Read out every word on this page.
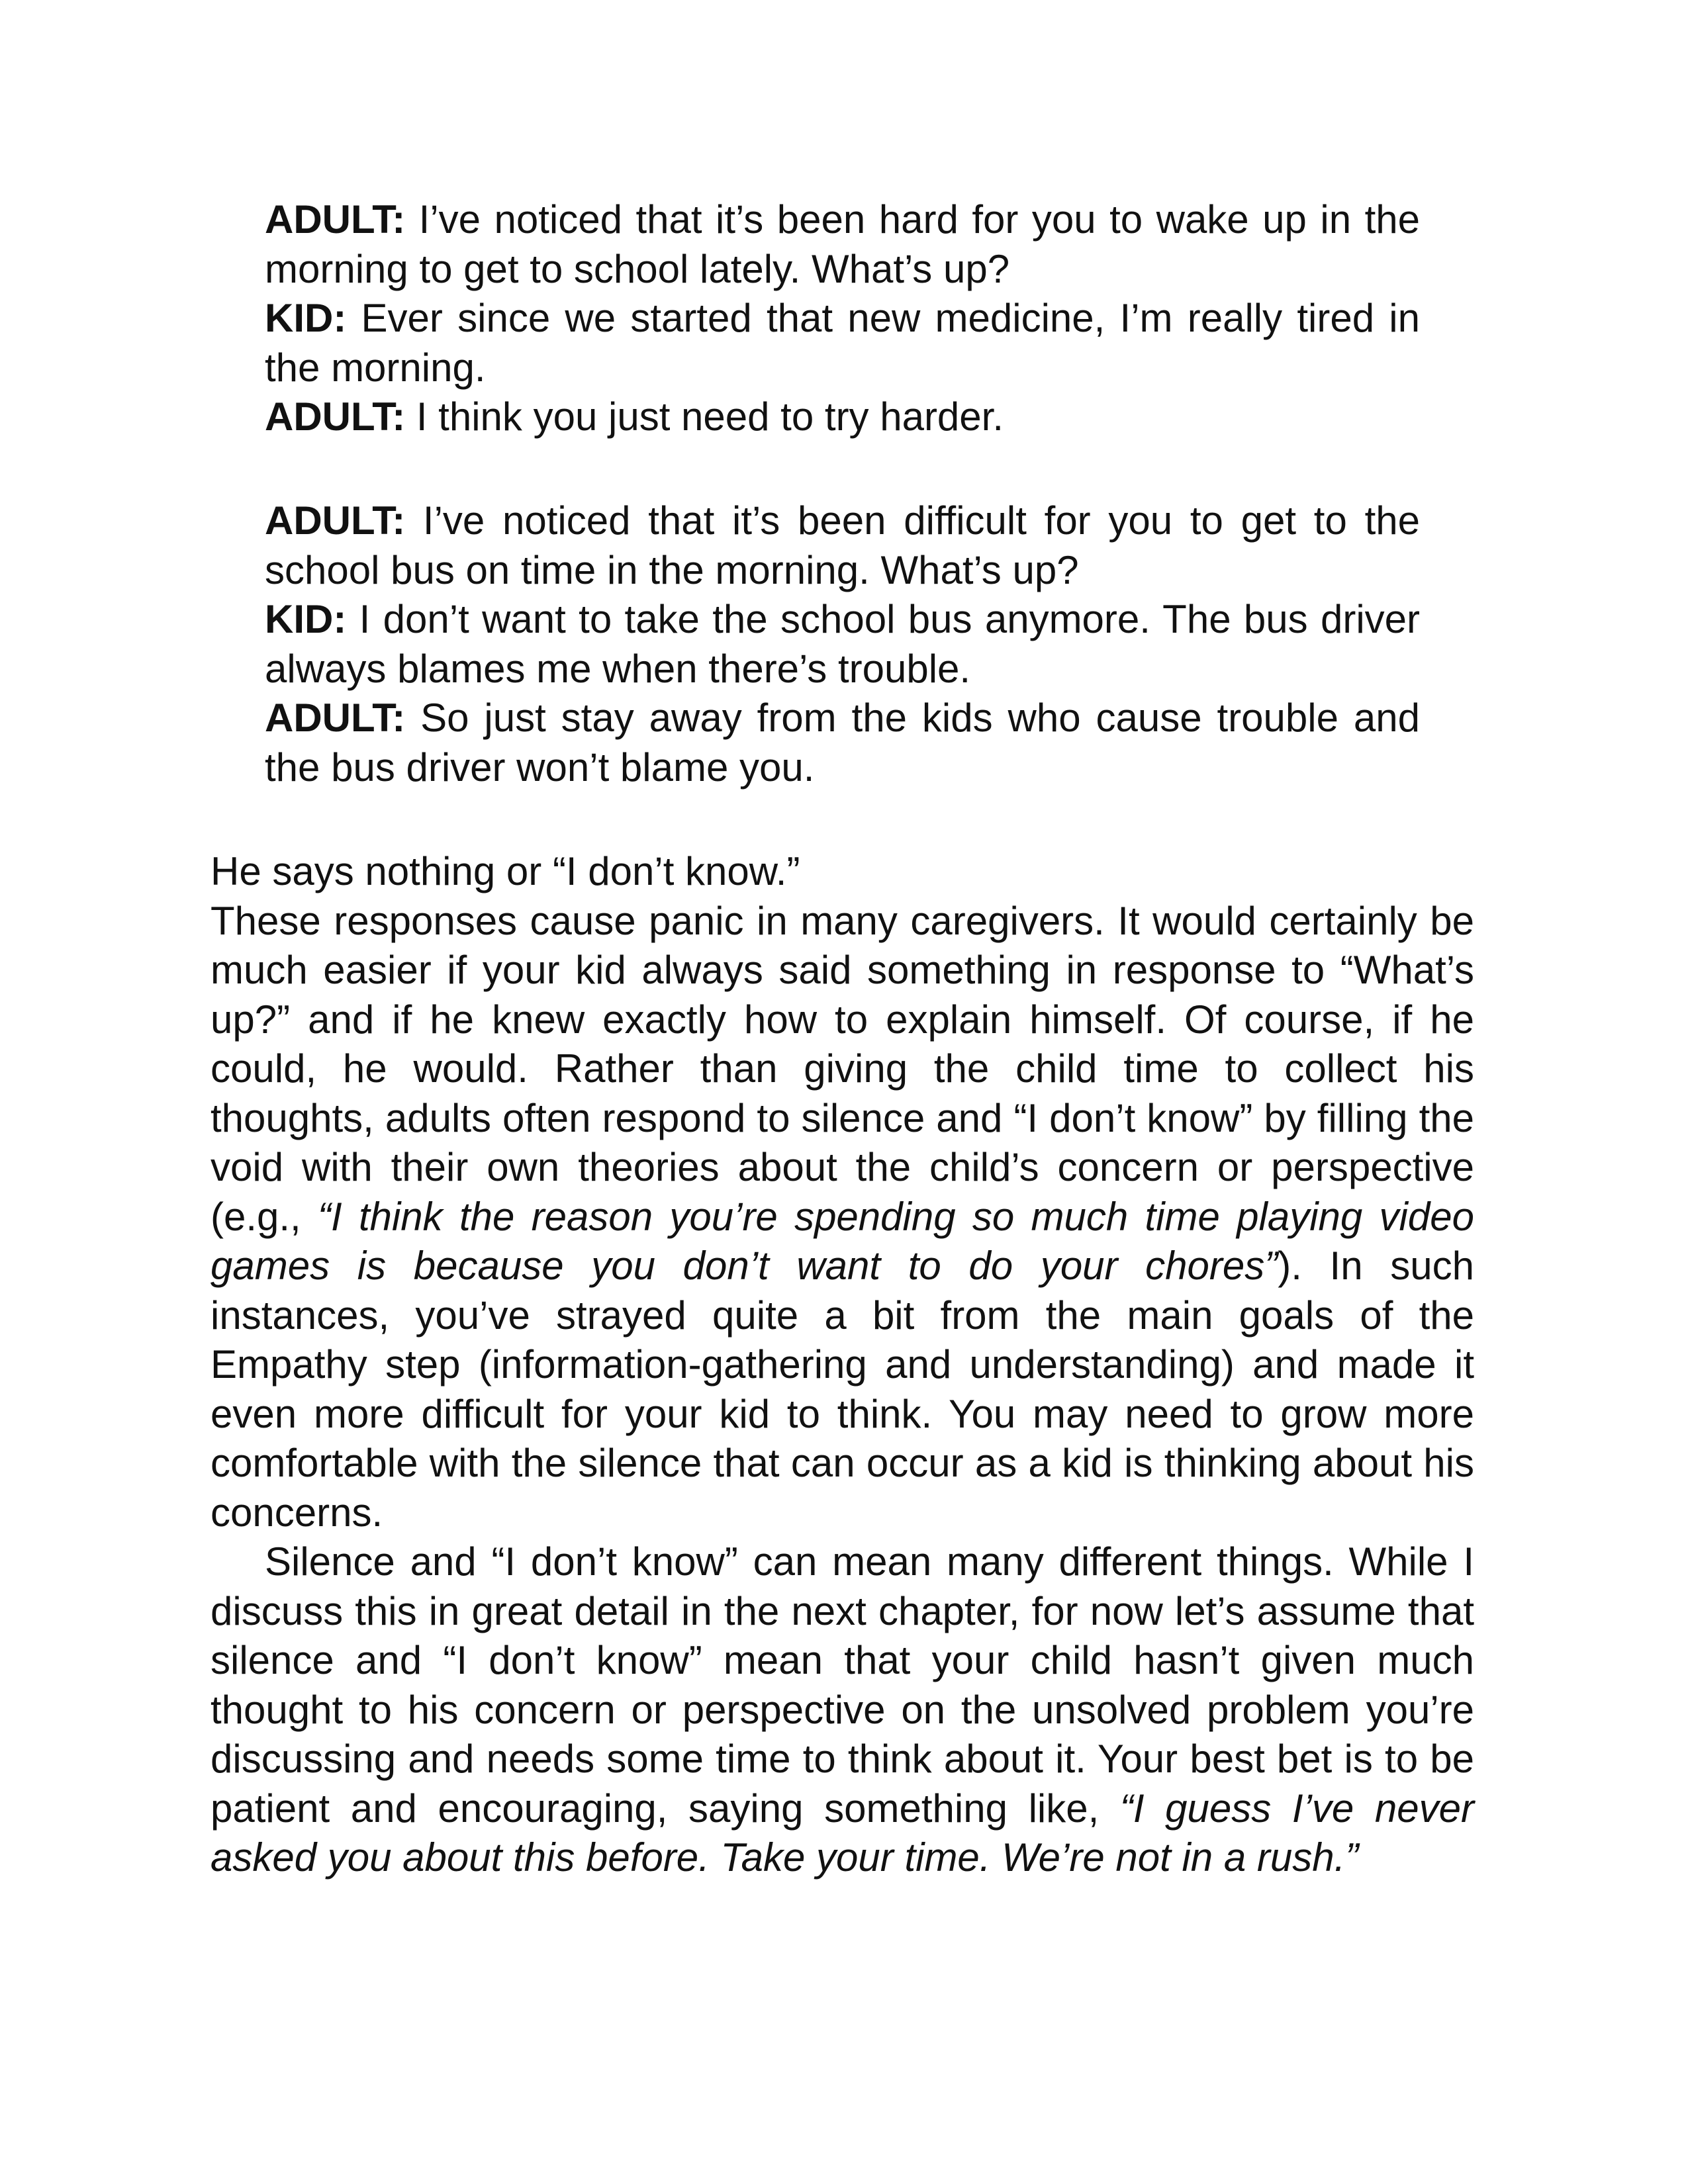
ADULT: I’ve noticed that it’s been hard for you to wake up in the morning to get to school lately. What’s up?

KID: Ever since we started that new medicine, I’m really tired in the morning.

ADULT: I think you just need to try harder.

ADULT: I’ve noticed that it’s been difficult for you to get to the school bus on time in the morning. What’s up?

KID: I don’t want to take the school bus anymore. The bus driver always blames me when there’s trouble.

ADULT: So just stay away from the kids who cause trouble and the bus driver won’t blame you.

He says nothing or “I don’t know.”

These responses cause panic in many caregivers. It would certainly be much easier if your kid always said something in response to “What’s up?” and if he knew exactly how to explain himself. Of course, if he could, he would. Rather than giving the child time to collect his thoughts, adults often respond to silence and “I don’t know” by filling the void with their own theories about the child’s concern or perspective (e.g., “I think the reason you’re spending so much time playing video games is because you don’t want to do your chores”). In such instances, you’ve strayed quite a bit from the main goals of the Empathy step (information-gathering and understanding) and made it even more difficult for your kid to think. You may need to grow more comfortable with the silence that can occur as a kid is thinking about his concerns.

Silence and “I don’t know” can mean many different things. While I discuss this in great detail in the next chapter, for now let’s assume that silence and “I don’t know” mean that your child hasn’t given much thought to his concern or perspective on the unsolved problem you’re discussing and needs some time to think about it. Your best bet is to be patient and encouraging, saying something like, “I guess I’ve never asked you about this before. Take your time. We’re not in a rush.”
